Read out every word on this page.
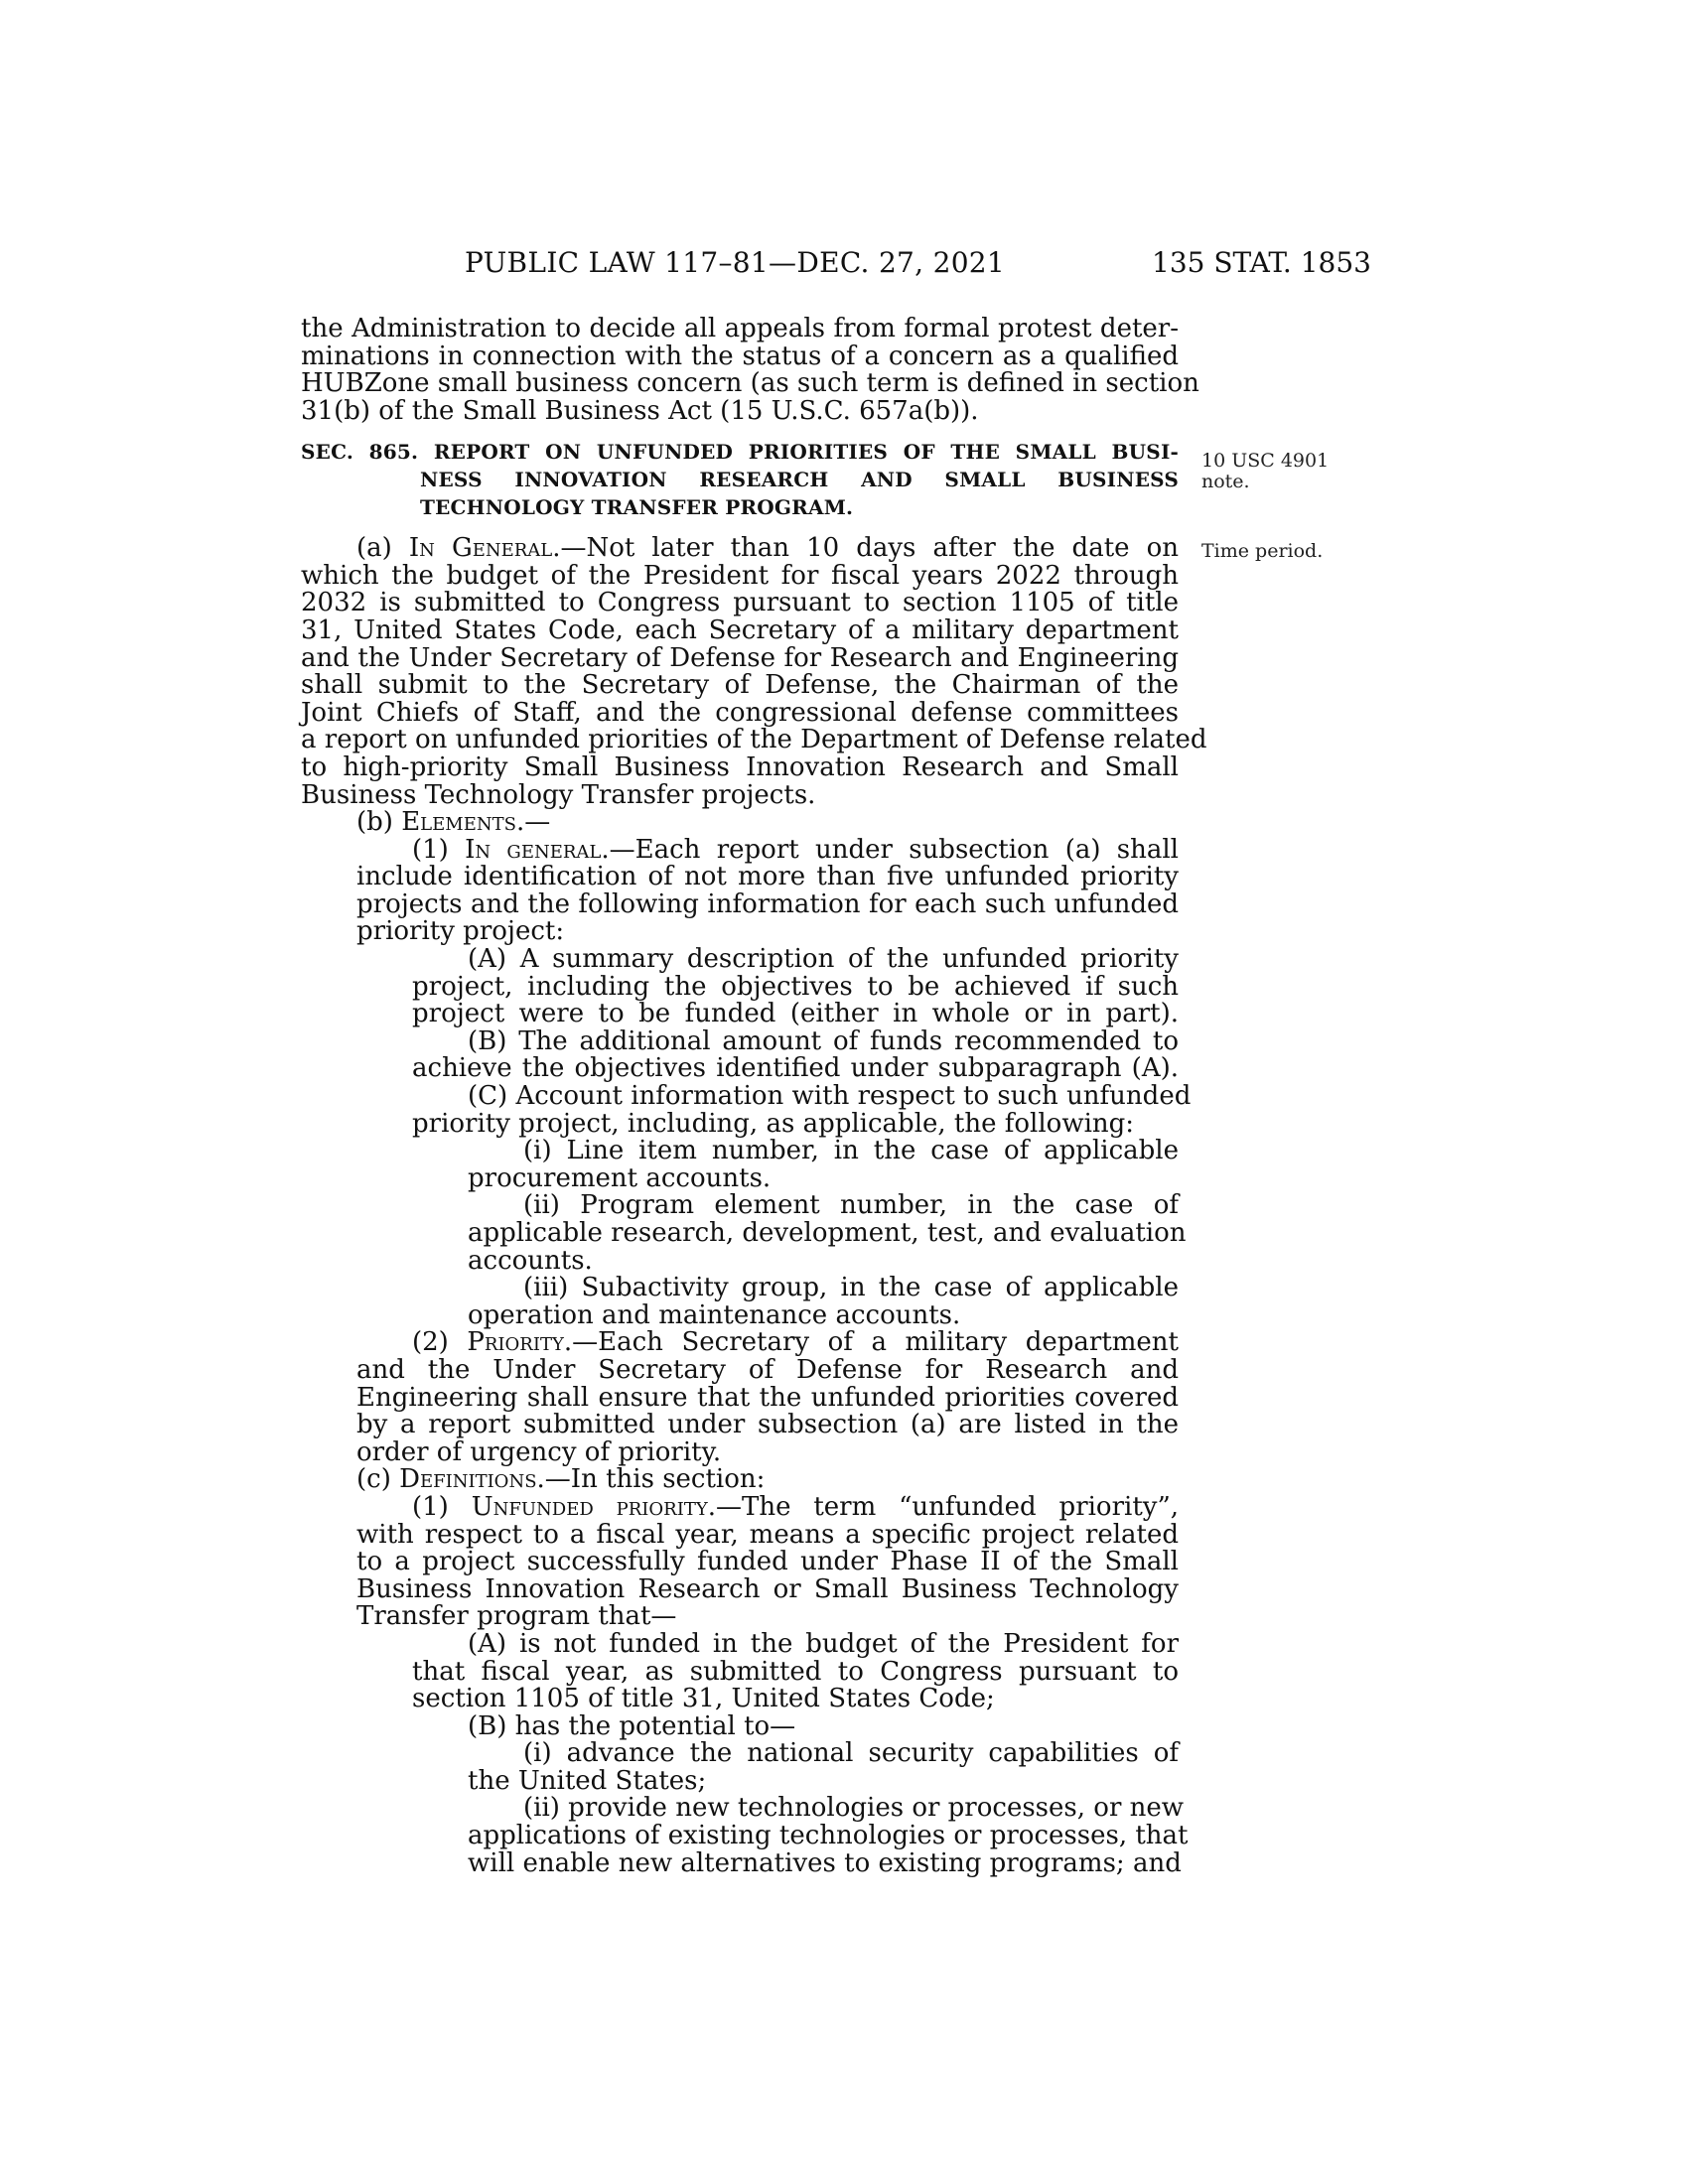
PUBLIC LAW 117–81—DEC. 27, 2021	135 STAT. 1853
10 USC 4901
note.
Time period.
the Administration to decide all appeals from formal protest deter-
minations in connection with the status of a concern as a qualified
HUBZone small business concern (as such term is defined in section
31(b) of the Small Business Act (15 U.S.C. 657a(b)).
SEC. 865. REPORT ON UNFUNDED PRIORITIES OF THE SMALL BUSI-
NESS INNOVATION RESEARCH AND SMALL BUSINESS
TECHNOLOGY TRANSFER PROGRAM.
(a) In General.—Not later than 10 days after the date on
which the budget of the President for fiscal years 2022 through
2032 is submitted to Congress pursuant to section 1105 of title
31, United States Code, each Secretary of a military department
and the Under Secretary of Defense for Research and Engineering
shall submit to the Secretary of Defense, the Chairman of the
Joint Chiefs of Staff, and the congressional defense committees
a report on unfunded priorities of the Department of Defense related
to high-priority Small Business Innovation Research and Small
Business Technology Transfer projects.
(b) Elements.—
(1) In general.—Each report under subsection (a) shall
include identification of not more than five unfunded priority
projects and the following information for each such unfunded
priority project:
(A) A summary description of the unfunded priority
project, including the objectives to be achieved if such
project were to be funded (either in whole or in part).
(B) The additional amount of funds recommended to
achieve the objectives identified under subparagraph (A).
(C) Account information with respect to such unfunded
priority project, including, as applicable, the following:
(i) Line item number, in the case of applicable
procurement accounts.
(ii) Program element number, in the case of
applicable research, development, test, and evaluation
accounts.
(iii) Subactivity group, in the case of applicable
operation and maintenance accounts.
(2) Priority.—Each Secretary of a military department
and the Under Secretary of Defense for Research and
Engineering shall ensure that the unfunded priorities covered
by a report submitted under subsection (a) are listed in the
order of urgency of priority.
(c) Definitions.—In this section:
(1) Unfunded priority.—The term “unfunded priority”,
with respect to a fiscal year, means a specific project related
to a project successfully funded under Phase II of the Small
Business Innovation Research or Small Business Technology
Transfer program that—
(A) is not funded in the budget of the President for
that fiscal year, as submitted to Congress pursuant to
section 1105 of title 31, United States Code;
(B) has the potential to—
(i) advance the national security capabilities of
the United States;
(ii) provide new technologies or processes, or new
applications of existing technologies or processes, that
will enable new alternatives to existing programs; and
